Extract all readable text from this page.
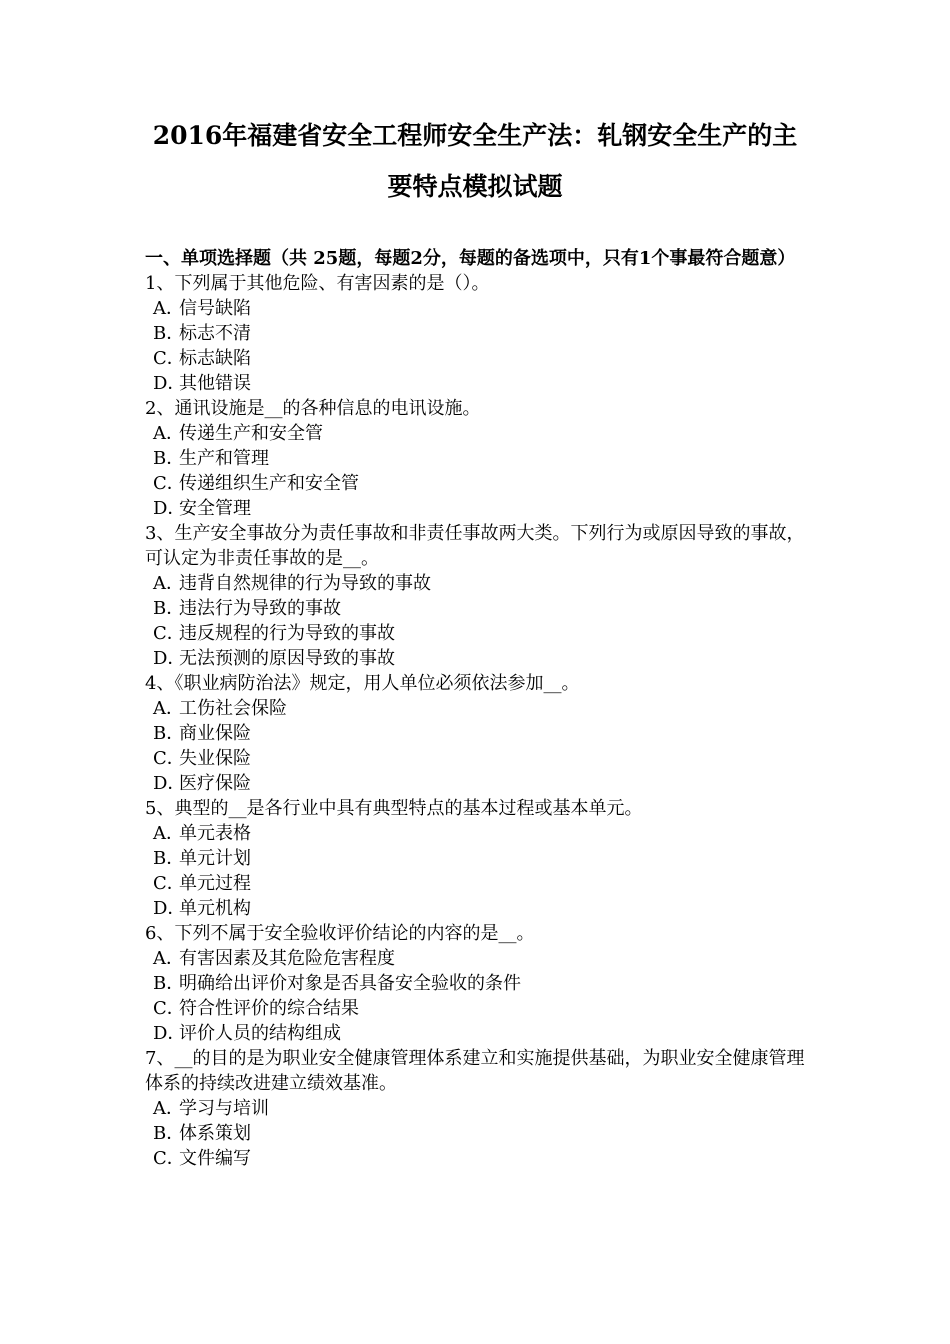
2016年福建省安全工程师安全生产法：轧钢安全生产的主
要特点模拟试题
一、单项选择题（共 25题，每题2分，每题的备选项中，只有1个事最符合题意）
1、下列属于其他危险、有害因素的是（）。
A．信号缺陷
B．标志不清
C．标志缺陷
D．其他错误
2、通讯设施是__的各种信息的电讯设施。
A．传递生产和安全管
B．生产和管理
C．传递组织生产和安全管
D．安全管理
3、生产安全事故分为责任事故和非责任事故两大类。下列行为或原因导致的事故，可认定为非责任事故的是__。
A．违背自然规律的行为导致的事故
B．违法行为导致的事故
C．违反规程的行为导致的事故
D．无法预测的原因导致的事故
4、《职业病防治法》规定，用人单位必须依法参加__。
A．工伤社会保险
B．商业保险
C．失业保险
D．医疗保险
5、典型的__是各行业中具有典型特点的基本过程或基本单元。
A．单元表格
B．单元计划
C．单元过程
D．单元机构
6、下列不属于安全验收评价结论的内容的是__。
A．有害因素及其危险危害程度
B．明确给出评价对象是否具备安全验收的条件
C．符合性评价的综合结果
D．评价人员的结构组成
7、__的目的是为职业安全健康管理体系建立和实施提供基础，为职业安全健康管理体系的持续改进建立绩效基准。
A．学习与培训
B．体系策划
C．文件编写
